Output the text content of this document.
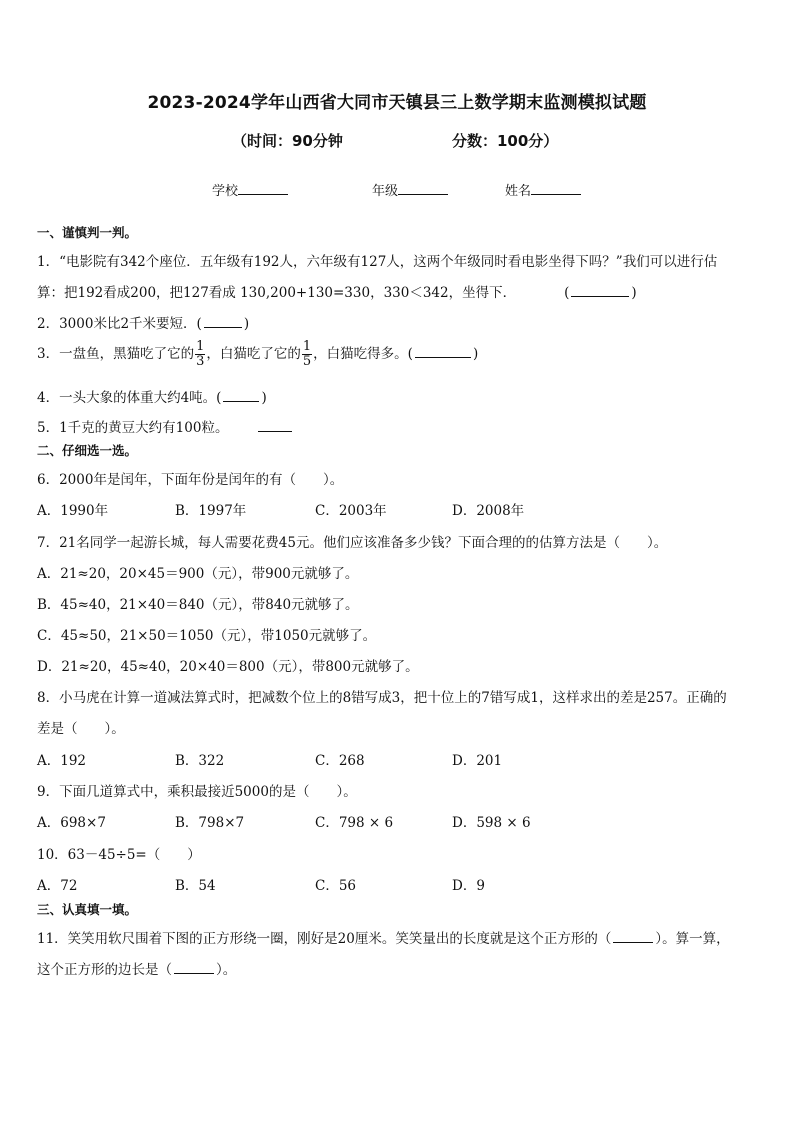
2023-2024学年山西省大同市天镇县三上数学期末监测模拟试题
（时间：90分钟	分数：100分）
学校	年级	姓名
一、谨慎判一判。
1．“电影院有342个座位．五年级有192人，六年级有127人，这两个年级同时看电影坐得下吗？”我们可以进行估
算：把192看成200，把127看成 130,200+130=330，330＜342，坐得下．	(	)
2．3000米比2千米要短．(	)
3．一盘鱼，黑猫吃了它的 $\frac{1}{3}$ ，白猫吃了它的 $\frac{1}{5}$ ，白猫吃得多。(	)
4．一头大象的体重大约4吨。(	)
5．1千克的黄豆大约有100粒。
二、仔细选一选。
6．2000年是闰年，下面年份是闰年的有（　　）。
A．1990年	B．1997年	C．2003年	D．2008年
7．21名同学一起游长城，每人需要花费45元。他们应该准备多少钱？下面合理的的估算方法是（　　）。
A．21≈20，20×45＝900（元），带900元就够了。
B．45≈40，21×40＝840（元），带840元就够了。
C．45≈50，21×50＝1050（元），带1050元就够了。
D．21≈20，45≈40，20×40＝800（元），带800元就够了。
8．小马虎在计算一道减法算式时，把减数个位上的8错写成3，把十位上的7错写成1，这样求出的差是257。正确的
差是（　　）。
A．192	B．322	C．268	D．201
9．下面几道算式中，乘积最接近5000的是（　　）。
A．698×7	B．798×7	C．798 × 6	D．598 × 6
10．63－45÷5=（　　）
A．72	B．54	C．56	D．9
三、认真填一填。
11．笑笑用软尺围着下图的正方形绕一圈，刚好是20厘米。笑笑量出的长度就是这个正方形的（	）。算一算，
这个正方形的边长是（	）。
